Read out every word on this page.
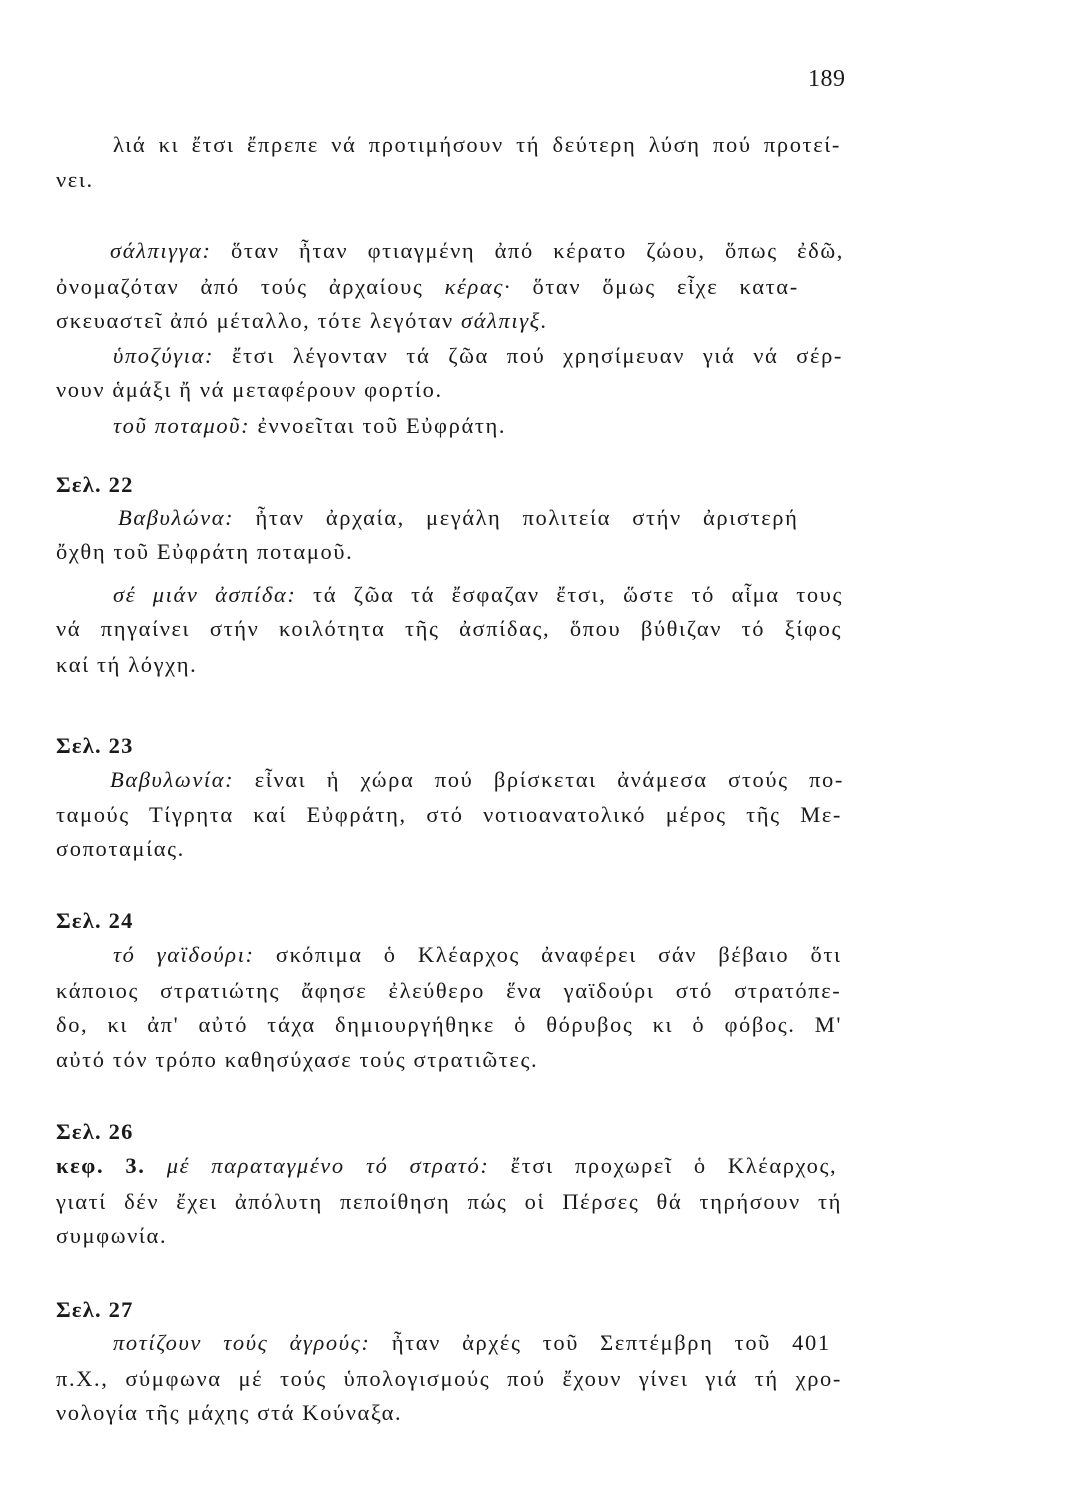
189

λιά κι ἔτσι ἔπρεπε νά προτιμήσουν τή δεύτερη λύση πού προτεί-

νει.

σάλπιγγα: ὅταν ἦταν φτιαγμένη ἀπό κέρατο ζώου, ὅπως ἐδῶ,

ὀνομαζόταν ἀπό τούς ἀρχαίους κέρας· ὅταν ὅμως εἶχε κατα-

σκευαστεῖ ἀπό μέταλλο, τότε λεγόταν σάλπιγξ.

ὑποζύγια: ἔτσι λέγονταν τά ζῶα πού χρησίμευαν γιά νά σέρ-

νουν ἁμάξι ἤ νά μεταφέρουν φορτίο.

τοῦ ποταμοῦ: ἐννοεῖται τοῦ Εὐφράτη.

Σελ. 22

Βαβυλώνα: ἦταν ἀρχαία, μεγάλη πολιτεία στήν ἀριστερή

ὄχθη τοῦ Εὐφράτη ποταμοῦ.

σέ μιάν ἀσπίδα: τά ζῶα τά ἔσφαζαν ἔτσι, ὥστε τό αἷμα τους

νά πηγαίνει στήν κοιλότητα τῆς ἀσπίδας, ὅπου βύθιζαν τό ξίφος

καί τή λόγχη.

Σελ. 23

Βαβυλωνία: εἶναι ἡ χώρα πού βρίσκεται ἀνάμεσα στούς πο-

ταμούς Τίγρητα καί Εὐφράτη, στό νοτιοανατολικό μέρος τῆς Με-

σοποταμίας.

Σελ. 24

τό γαϊδούρι: σκόπιμα ὁ Κλέαρχος ἀναφέρει σάν βέβαιο ὅτι

κάποιος στρατιώτης ἄφησε ἐλεύθερο ἕνα γαϊδούρι στό στρατόπε-

δο, κι ἀπ' αὐτό τάχα δημιουργήθηκε ὁ θόρυβος κι ὁ φόβος. Μ'

αὐτό τόν τρόπο καθησύχασε τούς στρατιῶτες.

Σελ. 26

κεφ. 3. μέ παραταγμένο τό στρατό: ἔτσι προχωρεῖ ὁ Κλέαρχος,

γιατί δέν ἔχει ἀπόλυτη πεποίθηση πώς οἱ Πέρσες θά τηρήσουν τή

συμφωνία.

Σελ. 27

ποτίζουν τούς ἀγρούς: ἦταν ἀρχές τοῦ Σεπτέμβρη τοῦ 401

π.Χ., σύμφωνα μέ τούς ὑπολογισμούς πού ἔχουν γίνει γιά τή χρο-

νολογία τῆς μάχης στά Κούναξα.
